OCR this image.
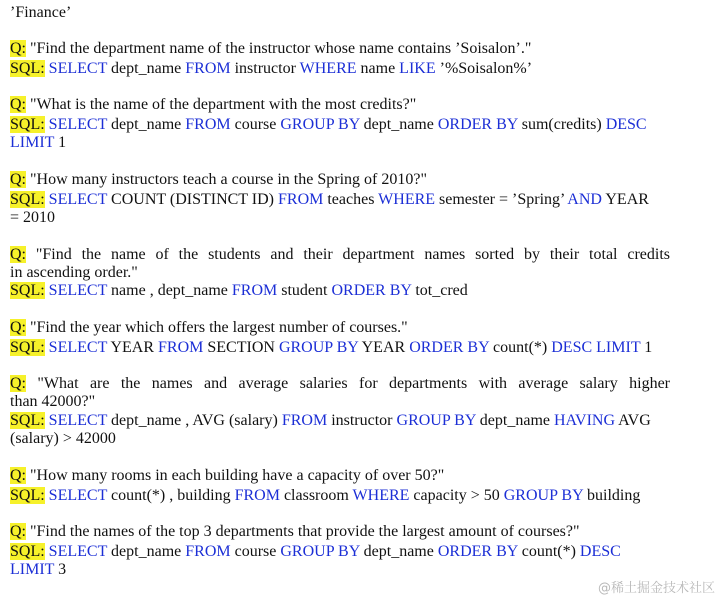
’Finance’
Q: "Find the department name of the instructor whose name contains ’Soisalon’."
SQL: SELECT dept_name FROM instructor WHERE name LIKE ’%Soisalon%’
Q: "What is the name of the department with the most credits?"
SQL: SELECT dept_name FROM course GROUP BY dept_name ORDER BY sum(credits) DESC
LIMIT 1
Q: "How many instructors teach a course in the Spring of 2010?"
SQL: SELECT COUNT (DISTINCT ID) FROM teaches WHERE semester = ’Spring’ AND YEAR
= 2010
Q: "Find the name of the students and their department names sorted by their total credits
in ascending order."
SQL: SELECT name , dept_name FROM student ORDER BY tot_cred
Q: "Find the year which offers the largest number of courses."
SQL: SELECT YEAR FROM SECTION GROUP BY YEAR ORDER BY count(*) DESC LIMIT 1
Q: "What are the names and average salaries for departments with average salary higher
than 42000?"
SQL: SELECT dept_name , AVG (salary) FROM instructor GROUP BY dept_name HAVING AVG
(salary) > 42000
Q: "How many rooms in each building have a capacity of over 50?"
SQL: SELECT count(*) , building FROM classroom WHERE capacity > 50 GROUP BY building
Q: "Find the names of the top 3 departments that provide the largest amount of courses?"
SQL: SELECT dept_name FROM course GROUP BY dept_name ORDER BY count(*) DESC
LIMIT 3
@稀土掘金技术社区
